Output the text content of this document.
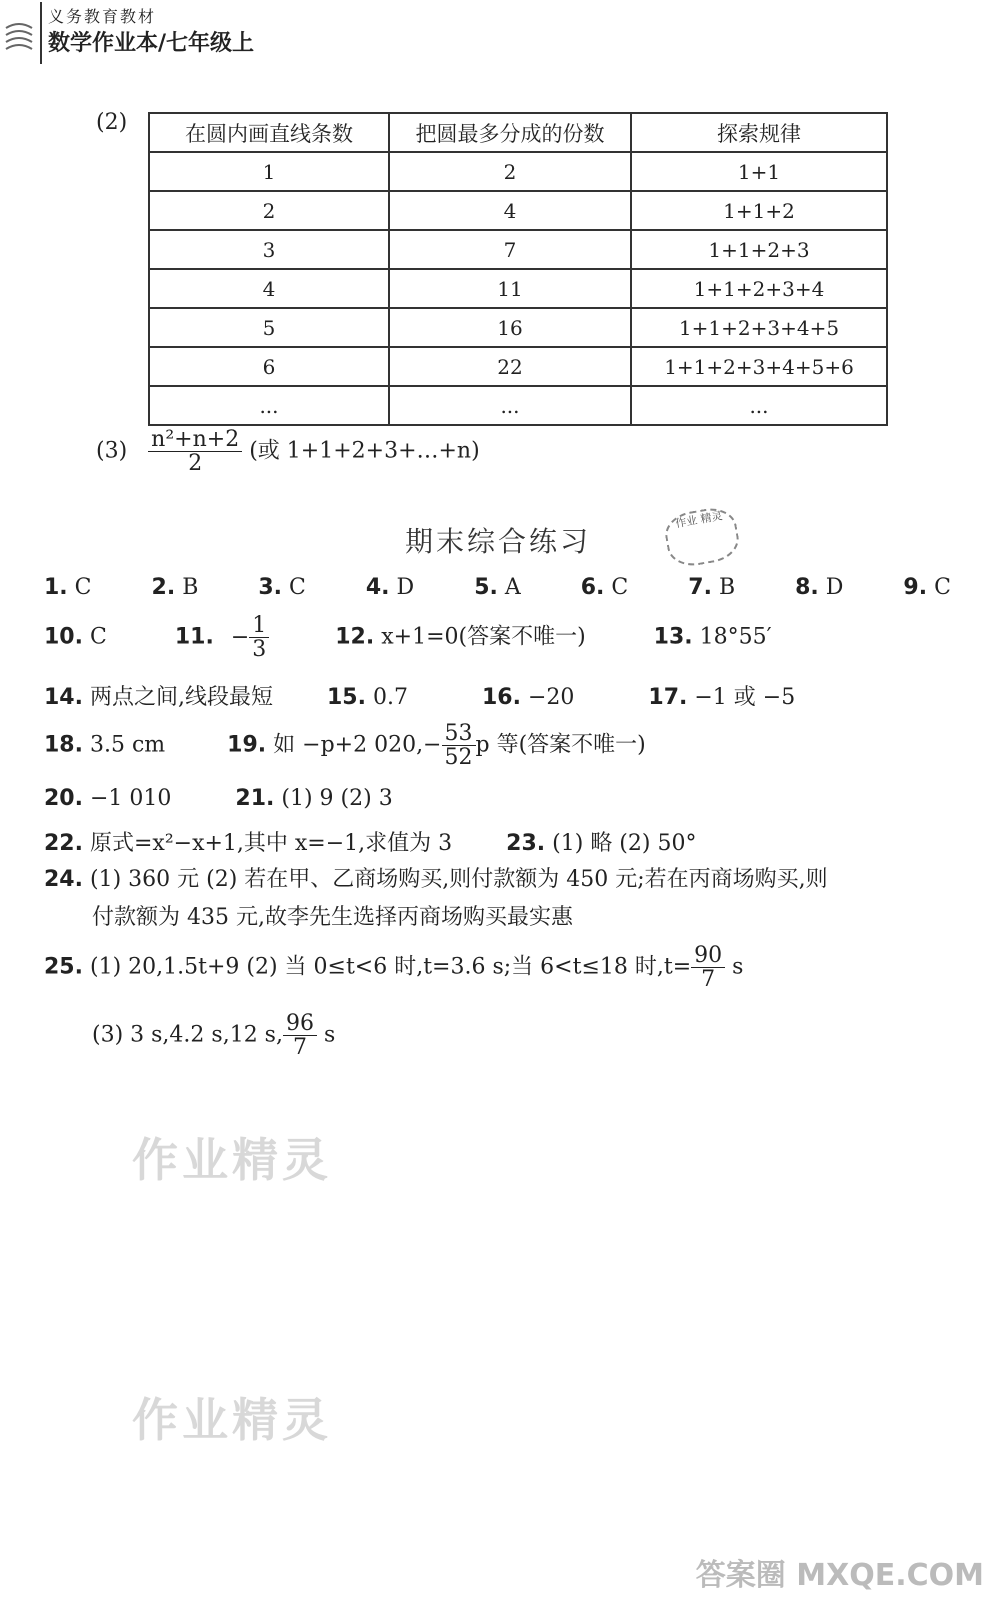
义务教育教材
数学作业本/七年级上
(2)	在圆内画直线条数	把圆最多分成的份数	探索规律
1	2	1+1
2	4	1+1+2
3	7	1+1+2+3
4	11	1+1+2+3+4
5	16	1+1+2+3+4+5
6	22	1+1+2+3+4+5+6
...	...	...
$(3) \frac{\text{n²+n+2}}{2}$ (或 1+1+2+3+…+n)
期末综合练习
作业 精灵
1. C	2. B	3. C	4. D	5. A	6. C	7. B	8. D	9. C
10. C	11. − $\frac{1}{3}$	12. x+1=0(答案不唯一)	13. 18°55′
14. 两点之间,线段最短 15. 0.7	16. −20	17. −1 或 −5
18. 3.5 cm	19. 如 −p+2 $020,- \frac{53}{52}$ p 等(答案不唯一)
20. −1 010	21. (1) 9 (2) 3
22. 原式=x²−x+1,其中 x=−1,求值为 3 23. (1) 略 (2) 50°
24. (1) 360 元 (2) 若在甲、乙商场购买,则付款额为 450 元;若在丙商场购买,则
付款额为 435 元,故李先生选择丙商场购买最实惠
25. (1) 20,1.5t+9 (2) 当 0≤t<6 时,t=3.6 s;当 6<t≤18 时$,t= \frac{90}{7}$ s
(3) 3 s,4.2 s,12 s, $\frac{96}{7}$ s
作业精灵
作业精灵
答案圈 MXQE.COM
